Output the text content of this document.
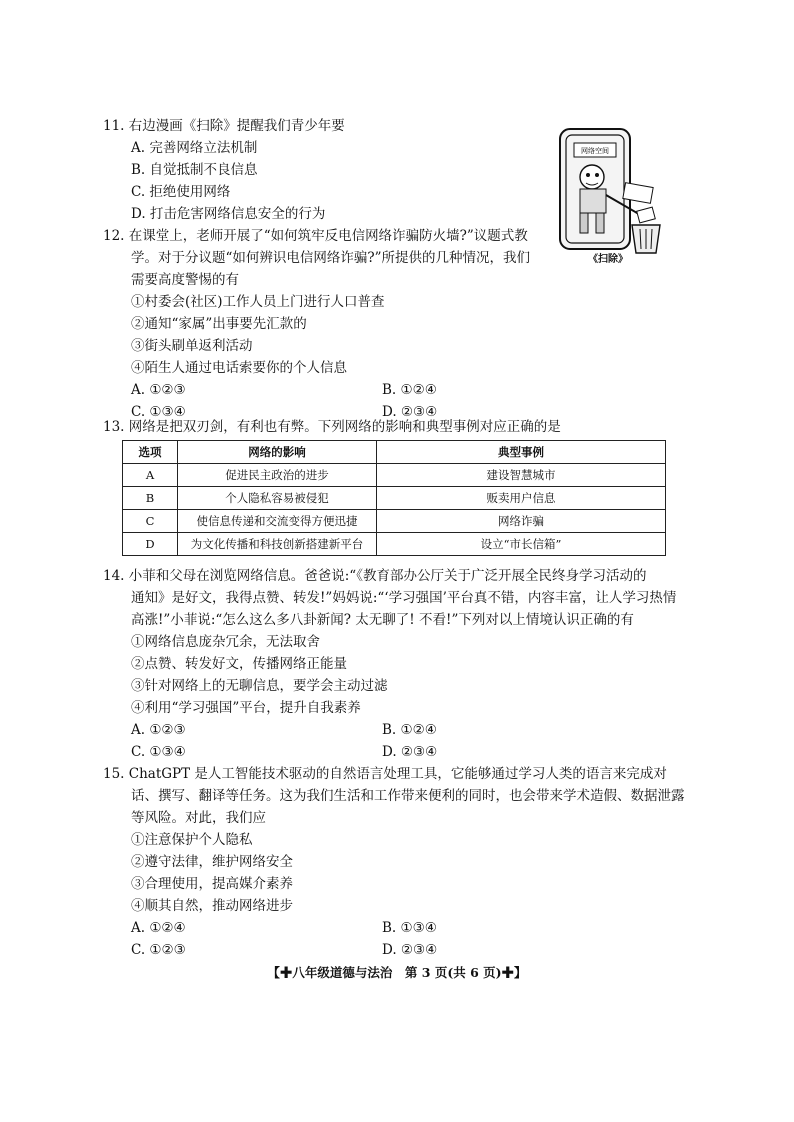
11. 右边漫画《扫除》提醒我们青少年要
A. 完善网络立法机制
B. 自觉抵制不良信息
C. 拒绝使用网络
D. 打击危害网络信息安全的行为
网络空间
《扫除》
12. 在课堂上，老师开展了“如何筑牢反电信网络诈骗防火墙?”议题式教
学。对于分议题“如何辨识电信网络诈骗?”所提供的几种情况，我们
需要高度警惕的有
①村委会(社区)工作人员上门进行人口普查
②通知“家属”出事要先汇款的
③街头刷单返利活动
④陌生人通过电话索要你的个人信息
A. ①②③	B. ①②④
C. ①③④	D. ②③④
13. 网络是把双刃剑，有利也有弊。下列网络的影响和典型事例对应正确的是
选项	网络的影响	典型事例
A	促进民主政治的进步	建设智慧城市
B	个人隐私容易被侵犯	贩卖用户信息
C	使信息传递和交流变得方便迅捷	网络诈骗
D	为文化传播和科技创新搭建新平台	设立“市长信箱”
14. 小菲和父母在浏览网络信息。爸爸说:“《教育部办公厅关于广泛开展全民终身学习活动的
通知》是好文，我得点赞、转发!”妈妈说:“‘学习强国’平台真不错，内容丰富，让人学习热情
高涨!”小菲说:“怎么这么多八卦新闻? 太无聊了! 不看!”下列对以上情境认识正确的有
①网络信息庞杂冗余，无法取舍
②点赞、转发好文，传播网络正能量
③针对网络上的无聊信息，要学会主动过滤
④利用“学习强国”平台，提升自我素养
A. ①②③	B. ①②④
C. ①③④	D. ②③④
15. ChatGPT 是人工智能技术驱动的自然语言处理工具，它能够通过学习人类的语言来完成对
话、撰写、翻译等任务。这为我们生活和工作带来便利的同时，也会带来学术造假、数据泄露
等风险。对此，我们应
①注意保护个人隐私
②遵守法律，维护网络安全
③合理使用，提高媒介素养
④顺其自然，推动网络进步
A. ①②④	B. ①③④
C. ①②③	D. ②③④
【✚八年级道德与法治　第 3 页(共 6 页)✚】
